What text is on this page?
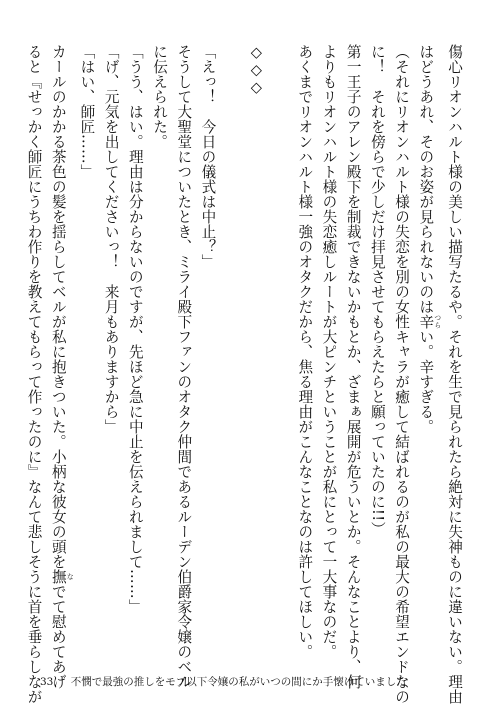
傷心リオンハルト様の美しい描写たるや。それを生で見られたら絶対に失神ものに違いない。理由
はどうあれ、そのお姿が見られないのは辛 つらい。辛すぎる。
（それにリオンハルト様の失恋を別の女性キャラが癒して結ばれるのが私の最大の希望エンドなの
に！　それを傍らで少しだけ拝見させてもらえたらと願っていたのに!!）
第一王子のアレン殿下を制裁できないかもとか、ざまぁ展開が危ういとか。そんなことより、何
よりもリオンハルト様の失恋癒しルートが大ピンチということが私にとって一大事なのだ。
あくまでリオンハルト様一強のオタクだから、焦る理由がこんなことなのは許してほしい。
◇◇◇
「えっ！　今日の儀式は中止？」
そうして大聖堂についたとき、ミライ殿下ファンのオタク仲間であるルーデン伯爵家令嬢のベル
に伝えられた。
「うう、はい。理由は分からないのですが、先ほど急に中止を伝えられまして……」
「げ、元気を出してくださいっ！　来月もありますから」
「はい、師匠……」
カールのかかる茶色の髪を揺らしてベルが私に抱きついた。小柄な彼女の頭を撫 なでて慰めてあげ
ると『せっかく師匠にうちわ作りを教えてもらって作ったのに』なんて悲しそうに首を垂らしなが
33 不憫で最強の推しをモブ以下令嬢の私がいつの間にか手懐けていました
